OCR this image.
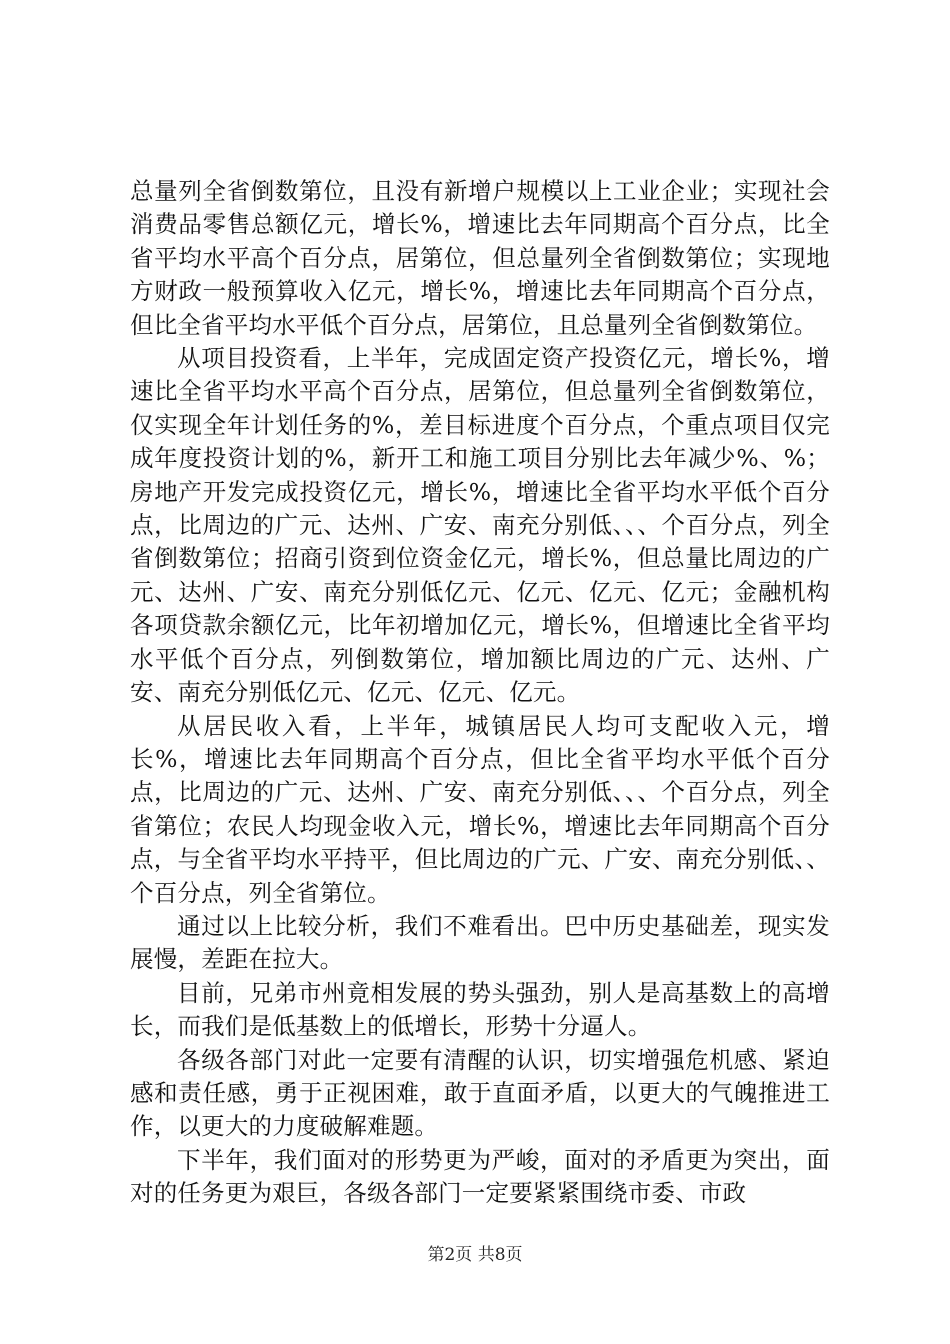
总量列全省倒数第位，且没有新增户规模以上工业企业；实现社会消费品零售总额亿元，增长%，增速比去年同期高个百分点，比全省平均水平高个百分点，居第位，但总量列全省倒数第位；实现地方财政一般预算收入亿元，增长%，增速比去年同期高个百分点，但比全省平均水平低个百分点，居第位，且总量列全省倒数第位。

从项目投资看，上半年，完成固定资产投资亿元，增长%，增速比全省平均水平高个百分点，居第位，但总量列全省倒数第位，仅实现全年计划任务的%，差目标进度个百分点，个重点项目仅完成年度投资计划的%，新开工和施工项目分别比去年减少%、%；房地产开发完成投资亿元，增长%，增速比全省平均水平低个百分点，比周边的广元、达州、广安、南充分别低、、、个百分点，列全省倒数第位；招商引资到位资金亿元，增长%，但总量比周边的广元、达州、广安、南充分别低亿元、亿元、亿元、亿元；金融机构各项贷款余额亿元，比年初增加亿元，增长%，但增速比全省平均水平低个百分点，列倒数第位，增加额比周边的广元、达州、广安、南充分别低亿元、亿元、亿元、亿元。

从居民收入看，上半年，城镇居民人均可支配收入元，增长%，增速比去年同期高个百分点，但比全省平均水平低个百分点，比周边的广元、达州、广安、南充分别低、、、个百分点，列全省第位；农民人均现金收入元，增长%，增速比去年同期高个百分点，与全省平均水平持平，但比周边的广元、广安、南充分别低、、个百分点，列全省第位。

通过以上比较分析，我们不难看出。巴中历史基础差，现实发展慢，差距在拉大。

目前，兄弟市州竟相发展的势头强劲，别人是高基数上的高增长，而我们是低基数上的低增长，形势十分逼人。

各级各部门对此一定要有清醒的认识，切实增强危机感、紧迫感和责任感，勇于正视困难，敢于直面矛盾，以更大的气魄推进工作，以更大的力度破解难题。

下半年，我们面对的形势更为严峻，面对的矛盾更为突出，面对的任务更为艰巨，各级各部门一定要紧紧围绕市委、市政

第2页 共8页
